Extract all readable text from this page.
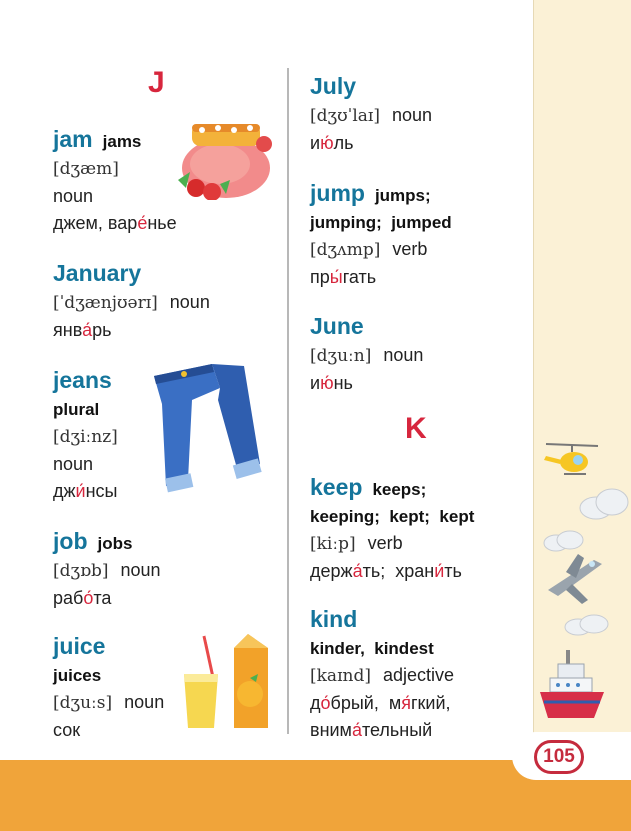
105
J
jam jams
[dʒæm]
noun
джем, варе́нье
January
[ˈdʒænjʊərɪ] noun
янва́рь
jeans
plural
[dʒiːnz]
noun
джи́нсы
job jobs
[dʒɒb] noun
рабо́та
juice
juices
[dʒuːs] noun
сок
July
[dʒʊˈlaɪ] noun
ию́ль
jump jumps;
jumping;  jumped
[dʒʌmp] verb
пры́гать
June
[dʒuːn] noun
ию́нь
K
keep keeps;
keeping;  kept;  kept
[kiːp] verb
держа́ть;  храни́ть
kind
kinder,  kindest
[kaɪnd] adjective
до́брый,  мя́гкий,
внима́тельный
